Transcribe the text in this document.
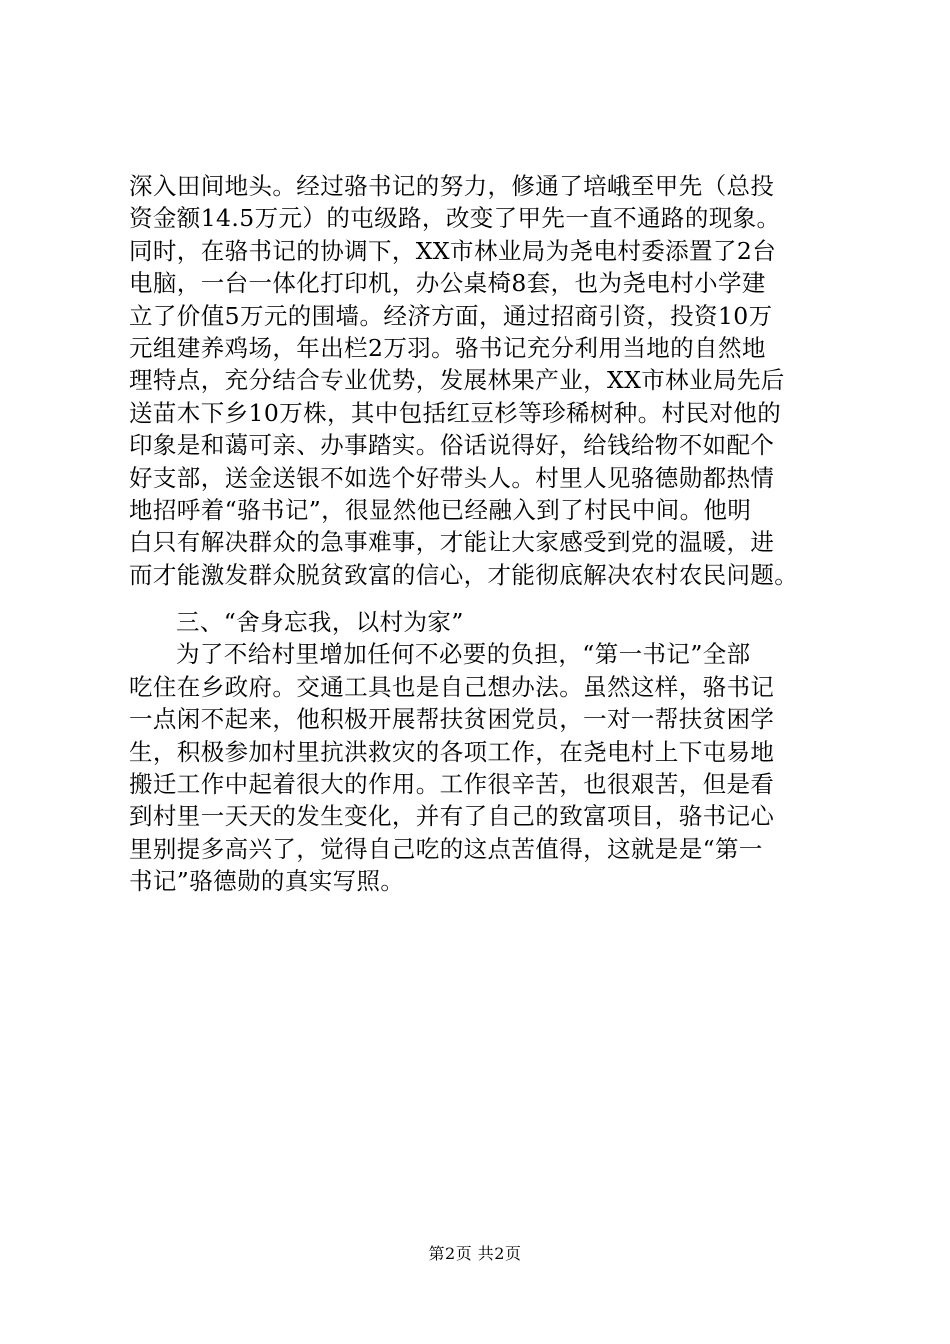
深入田间地头。经过骆书记的努力，修通了培峨至甲先（总投
资金额14.5万元）的屯级路，改变了甲先一直不通路的现象。
同时，在骆书记的协调下，XX市林业局为尧电村委添置了2台
电脑，一台一体化打印机，办公桌椅8套，也为尧电村小学建
立了价值5万元的围墙。经济方面，通过招商引资，投资10万
元组建养鸡场，年出栏2万羽。骆书记充分利用当地的自然地
理特点，充分结合专业优势，发展林果产业，XX市林业局先后
送苗木下乡10万株，其中包括红豆杉等珍稀树种。村民对他的
印象是和蔼可亲、办事踏实。俗话说得好，给钱给物不如配个
好支部，送金送银不如选个好带头人。村里人见骆德勋都热情
地招呼着“骆书记”，很显然他已经融入到了村民中间。他明
白只有解决群众的急事难事，才能让大家感受到党的温暖，进
而才能激发群众脱贫致富的信心，才能彻底解决农村农民问题。
三、“舍身忘我，以村为家”
为了不给村里增加任何不必要的负担，“第一书记”全部
吃住在乡政府。交通工具也是自己想办法。虽然这样，骆书记
一点闲不起来，他积极开展帮扶贫困党员，一对一帮扶贫困学
生，积极参加村里抗洪救灾的各项工作，在尧电村上下屯易地
搬迁工作中起着很大的作用。工作很辛苦，也很艰苦，但是看
到村里一天天的发生变化，并有了自己的致富项目，骆书记心
里别提多高兴了，觉得自己吃的这点苦值得，这就是是“第一
书记”骆德勋的真实写照。
第2页 共2页
